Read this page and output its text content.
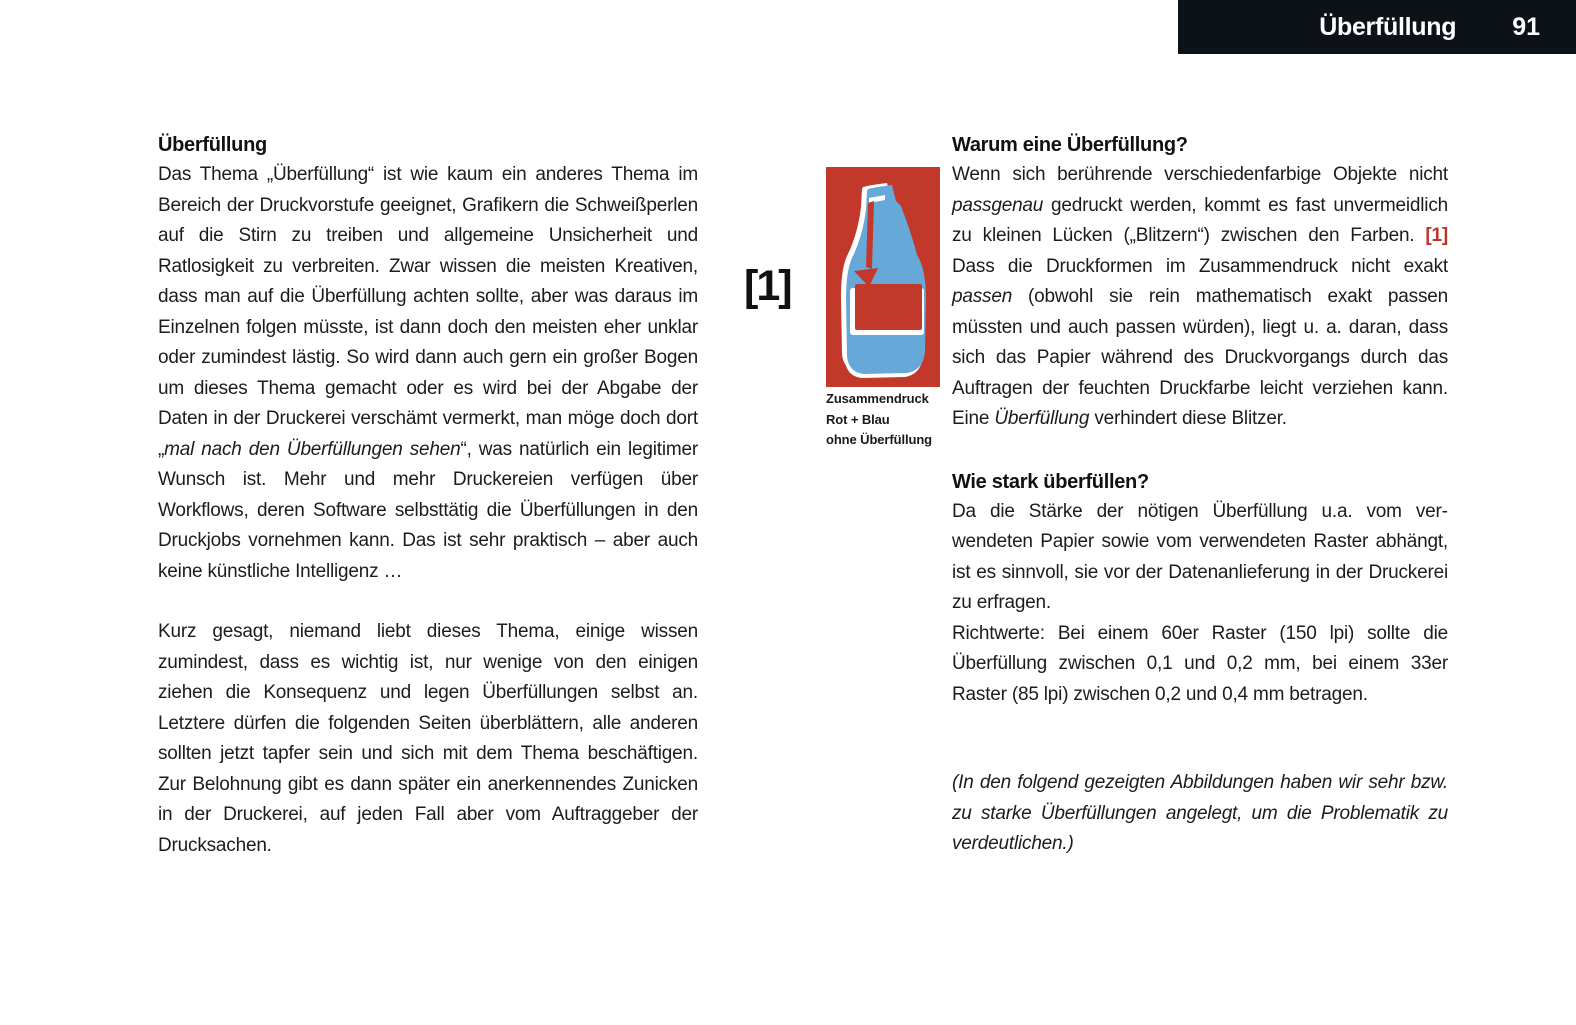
Überfüllung 91
Überfüllung

Das Thema „Überfüllung“ ist wie kaum ein anderes Thema im Bereich der Druckvorstufe geeignet, Grafikern die Schweißperlen auf die Stirn zu treiben und allgemeine Unsicherheit und Ratlosigkeit zu verbreiten. Zwar wissen die meisten Kreativen, dass man auf die Überfüllung achten sollte, aber was daraus im Einzelnen folgen müsste, ist dann doch den meisten eher unklar oder zumindest lästig. So wird dann auch gern ein großer Bogen um dieses Thema gemacht oder es wird bei der Abgabe der Daten in der Druckerei verschämt vermerkt, man möge doch dort „mal nach den Überfüllungen sehen“, was natürlich ein legitimer Wunsch ist. Mehr und mehr Druckereien verfügen über Workflows, deren Software selbsttätig die Überfüllungen in den Druckjobs vornehmen kann. Das ist sehr praktisch – aber auch keine künstliche Intelligenz …

Kurz gesagt, niemand liebt dieses Thema, einige wissen zumindest, dass es wichtig ist, nur wenige von den einigen ziehen die Konsequenz und legen Überfüllungen selbst an. Letztere dürfen die folgenden Seiten überblättern, alle anderen sollten jetzt tapfer sein und sich mit dem Thema beschäftigen. Zur Belohnung gibt es dann später ein anerkennendes Zunicken in der Druckerei, auf jeden Fall aber vom Auftraggeber der Drucksachen.

[1]
Zusammendruck
Rot + Blau
ohne Überfüllung
Warum eine Überfüllung?

Wenn sich berührende verschiedenfarbige Objekte nicht passgenau gedruckt werden, kommt es fast unvermeidlich zu kleinen Lücken („Blitzern“) zwischen den Farben. [1] Dass die Druckformen im Zusammendruck nicht exakt passen (obwohl sie rein mathematisch exakt passen müssten und auch passen würden), liegt u. a. daran, dass sich das Papier während des Druckvorgangs durch das Auftragen der feuchten Druckfarbe leicht verziehen kann. Eine Überfüllung verhindert diese Blitzer.

Wie stark überfüllen?

Da die Stärke der nötigen Überfüllung u.a. vom verwendeten Papier sowie vom verwendeten Raster abhängt, ist es sinnvoll, sie vor der Datenanlieferung in der Druckerei zu erfragen.
Richtwerte: Bei einem 60er Raster (150 lpi) sollte die Überfüllung zwischen 0,1 und 0,2 mm, bei einem 33er Raster (85 lpi) zwischen 0,2 und 0,4 mm betragen.

(In den folgend gezeigten Abbildungen haben wir sehr bzw. zu starke Überfüllungen angelegt, um die Problematik zu verdeutlichen.)
